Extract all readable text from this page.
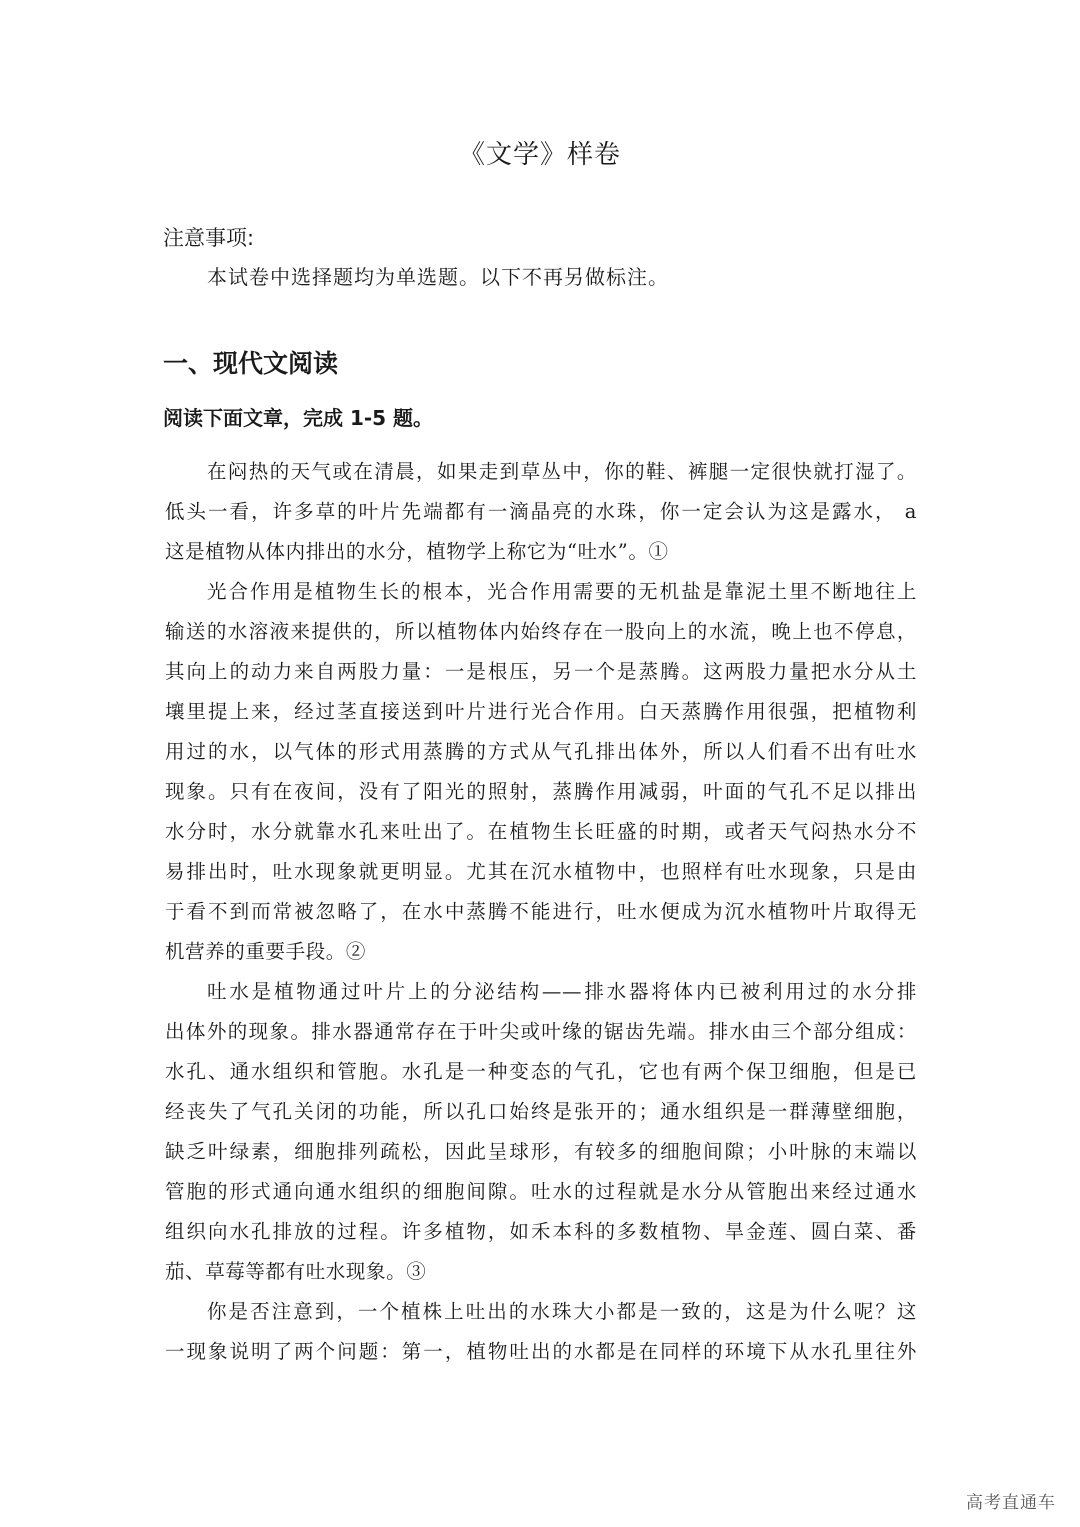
《文学》样卷
注意事项:
本试卷中选择题均为单选题。以下不再另做标注。
一、现代文阅读
阅读下面文章，完成 1-5 题。
在闷热的天气或在清晨，如果走到草丛中，你的鞋、裤腿一定很快就打湿了。
低头一看，许多草的叶片先端都有一滴晶亮的水珠，你一定会认为这是露水， a
这是植物从体内排出的水分，植物学上称它为“吐水”。①
光合作用是植物生长的根本，光合作用需要的无机盐是靠泥土里不断地往上
输送的水溶液来提供的，所以植物体内始终存在一股向上的水流，晚上也不停息，
其向上的动力来自两股力量：一是根压，另一个是蒸腾。这两股力量把水分从土
壤里提上来，经过茎直接送到叶片进行光合作用。白天蒸腾作用很强，把植物利
用过的水，以气体的形式用蒸腾的方式从气孔排出体外，所以人们看不出有吐水
现象。只有在夜间，没有了阳光的照射，蒸腾作用减弱，叶面的气孔不足以排出
水分时，水分就靠水孔来吐出了。在植物生长旺盛的时期，或者天气闷热水分不
易排出时，吐水现象就更明显。尤其在沉水植物中，也照样有吐水现象，只是由
于看不到而常被忽略了，在水中蒸腾不能进行，吐水便成为沉水植物叶片取得无
机营养的重要手段。②
吐水是植物通过叶片上的分泌结构——排水器将体内已被利用过的水分排
出体外的现象。排水器通常存在于叶尖或叶缘的锯齿先端。排水由三个部分组成：
水孔、通水组织和管胞。水孔是一种变态的气孔，它也有两个保卫细胞，但是已
经丧失了气孔关闭的功能，所以孔口始终是张开的；通水组织是一群薄壁细胞，
缺乏叶绿素，细胞排列疏松，因此呈球形，有较多的细胞间隙；小叶脉的末端以
管胞的形式通向通水组织的细胞间隙。吐水的过程就是水分从管胞出来经过通水
组织向水孔排放的过程。许多植物，如禾本科的多数植物、旱金莲、圆白菜、番
茄、草莓等都有吐水现象。③
你是否注意到，一个植株上吐出的水珠大小都是一致的，这是为什么呢？这
一现象说明了两个问题：第一，植物吐出的水都是在同样的环境下从水孔里往外
高考直通车
